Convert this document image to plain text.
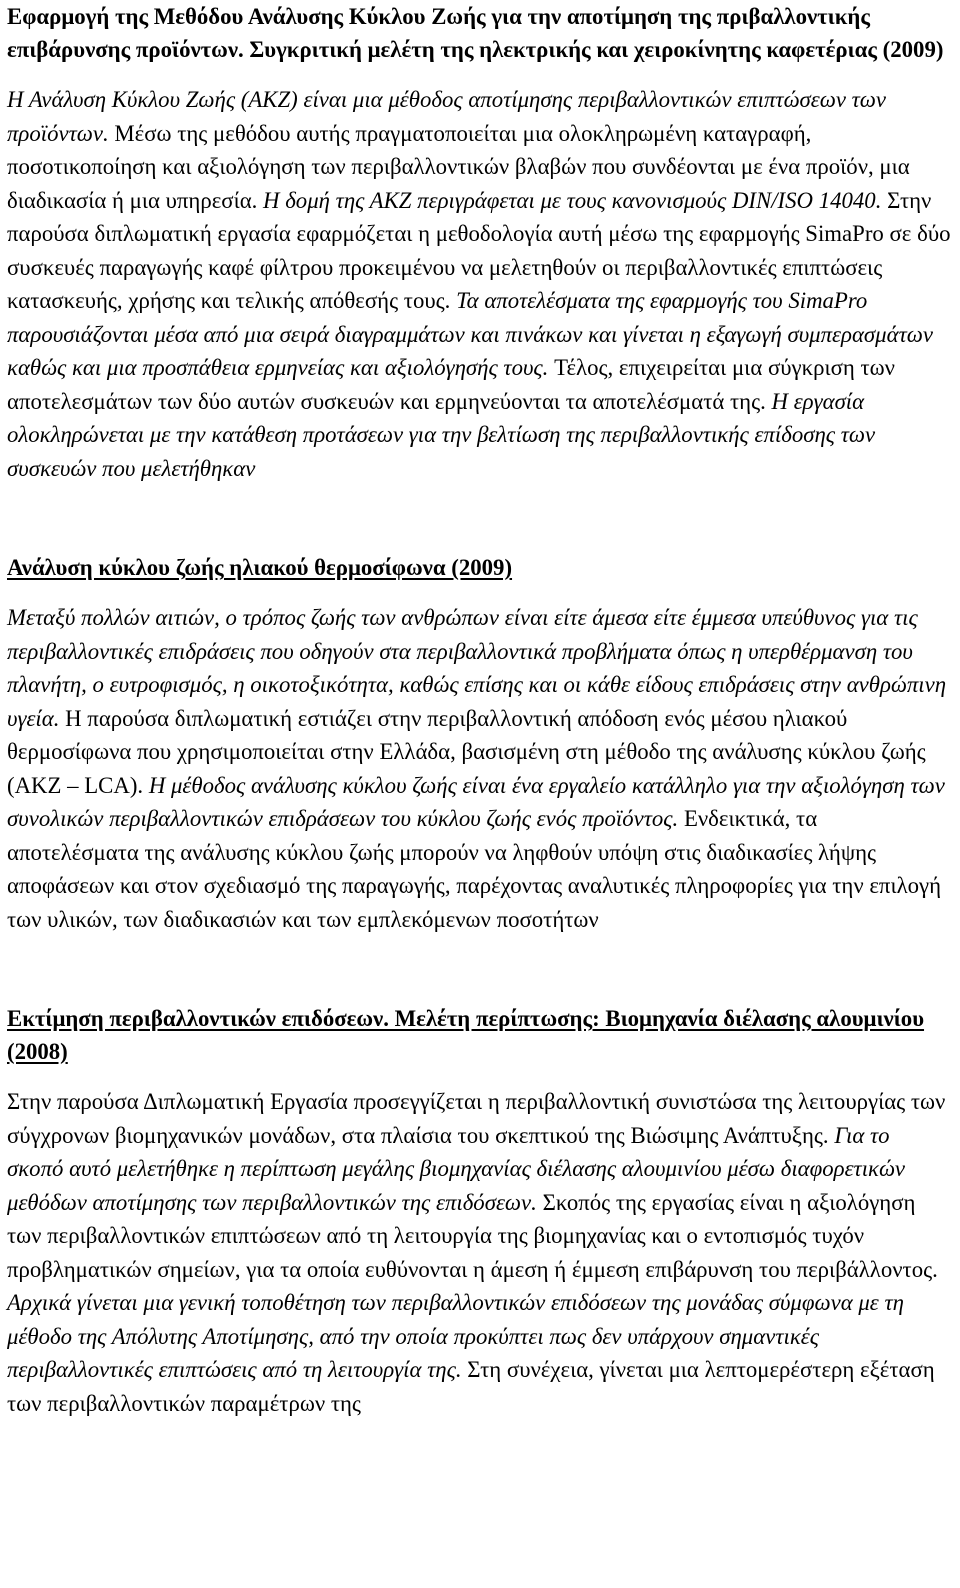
Εφαρμογή της Μεθόδου Ανάλυσης Κύκλου Ζωής για την αποτίμηση της πριβαλλοντικής επιβάρυνσης προϊόντων. Συγκριτική μελέτη της ηλεκτρικής και χειροκίνητης καφετέριας (2009)

Η Ανάλυση Κύκλου Ζωής (ΑΚΖ) είναι μια μέθοδος αποτίμησης περιβαλλοντικών επιπτώσεων των προϊόντων. Μέσω της μεθόδου αυτής πραγματοποιείται μια ολοκληρωμένη καταγραφή, ποσοτικοποίηση και αξιολόγηση των περιβαλλοντικών βλαβών που συνδέονται με ένα προϊόν, μια διαδικασία ή μια υπηρεσία. Η δομή της ΑΚΖ περιγράφεται με τους κανονισμούς DIN/ISO 14040. Στην παρούσα διπλωματική εργασία εφαρμόζεται η μεθοδολογία αυτή μέσω της εφαρμογής SimaPro σε δύο συσκευές παραγωγής καφέ φίλτρου προκειμένου να μελετηθούν οι περιβαλλοντικές επιπτώσεις κατασκευής, χρήσης και τελικής απόθεσής τους. Τα αποτελέσματα της εφαρμογής του SimaPro παρουσιάζονται μέσα από μια σειρά διαγραμμάτων και πινάκων και γίνεται η εξαγωγή συμπερασμάτων καθώς και μια προσπάθεια ερμηνείας και αξιολόγησής τους. Τέλος, επιχειρείται μια σύγκριση των αποτελεσμάτων των δύο αυτών συσκευών και ερμηνεύονται τα αποτελέσματά της. Η εργασία ολοκληρώνεται με την κατάθεση προτάσεων για την βελτίωση της περιβαλλοντικής επίδοσης των συσκευών που μελετήθηκαν

Ανάλυση κύκλου ζωής ηλιακού θερμοσίφωνα (2009)

Μεταξύ πολλών αιτιών, ο τρόπος ζωής των ανθρώπων είναι είτε άμεσα είτε έμμεσα υπεύθυνος για τις περιβαλλοντικές επιδράσεις που οδηγούν στα περιβαλλοντικά προβλήματα όπως η υπερθέρμανση του πλανήτη, ο ευτροφισμός, η οικοτοξικότητα, καθώς επίσης και οι κάθε είδους επιδράσεις στην ανθρώπινη υγεία. Η παρούσα διπλωματική εστιάζει στην περιβαλλοντική απόδοση ενός μέσου ηλιακού θερμοσίφωνα που χρησιμοποιείται στην Ελλάδα, βασισμένη στη μέθοδο της ανάλυσης κύκλου ζωής (ΑΚΖ – LCA). Η μέθοδος ανάλυσης κύκλου ζωής είναι ένα εργαλείο κατάλληλο για την αξιολόγηση των συνολικών περιβαλλοντικών επιδράσεων του κύκλου ζωής ενός προϊόντος. Ενδεικτικά, τα αποτελέσματα της ανάλυσης κύκλου ζωής μπορούν να ληφθούν υπόψη στις διαδικασίες λήψης αποφάσεων και στον σχεδιασμό της παραγωγής, παρέχοντας αναλυτικές πληροφορίες για την επιλογή των υλικών, των διαδικασιών και των εμπλεκόμενων ποσοτήτων

Εκτίμηση περιβαλλοντικών επιδόσεων. Μελέτη περίπτωσης: Βιομηχανία διέλασης αλουμινίου (2008)

Στην παρούσα Διπλωματική Εργασία προσεγγίζεται η περιβαλλοντική συνιστώσα της λειτουργίας των σύγχρονων βιομηχανικών μονάδων, στα πλαίσια του σκεπτικού της Βιώσιμης Ανάπτυξης. Για το σκοπό αυτό μελετήθηκε η περίπτωση μεγάλης βιομηχανίας διέλασης αλουμινίου μέσω διαφορετικών μεθόδων αποτίμησης των περιβαλλοντικών της επιδόσεων. Σκοπός της εργασίας είναι η αξιολόγηση των περιβαλλοντικών επιπτώσεων από τη λειτουργία της βιομηχανίας και ο εντοπισμός τυχόν προβληματικών σημείων, για τα οποία ευθύνονται η άμεση ή έμμεση επιβάρυνση του περιβάλλοντος. Αρχικά γίνεται μια γενική τοποθέτηση των περιβαλλοντικών επιδόσεων της μονάδας σύμφωνα με τη μέθοδο της Απόλυτης Αποτίμησης, από την οποία προκύπτει πως δεν υπάρχουν σημαντικές περιβαλλοντικές επιπτώσεις από τη λειτουργία της. Στη συνέχεια, γίνεται μια λεπτομερέστερη εξέταση των περιβαλλοντικών παραμέτρων της
